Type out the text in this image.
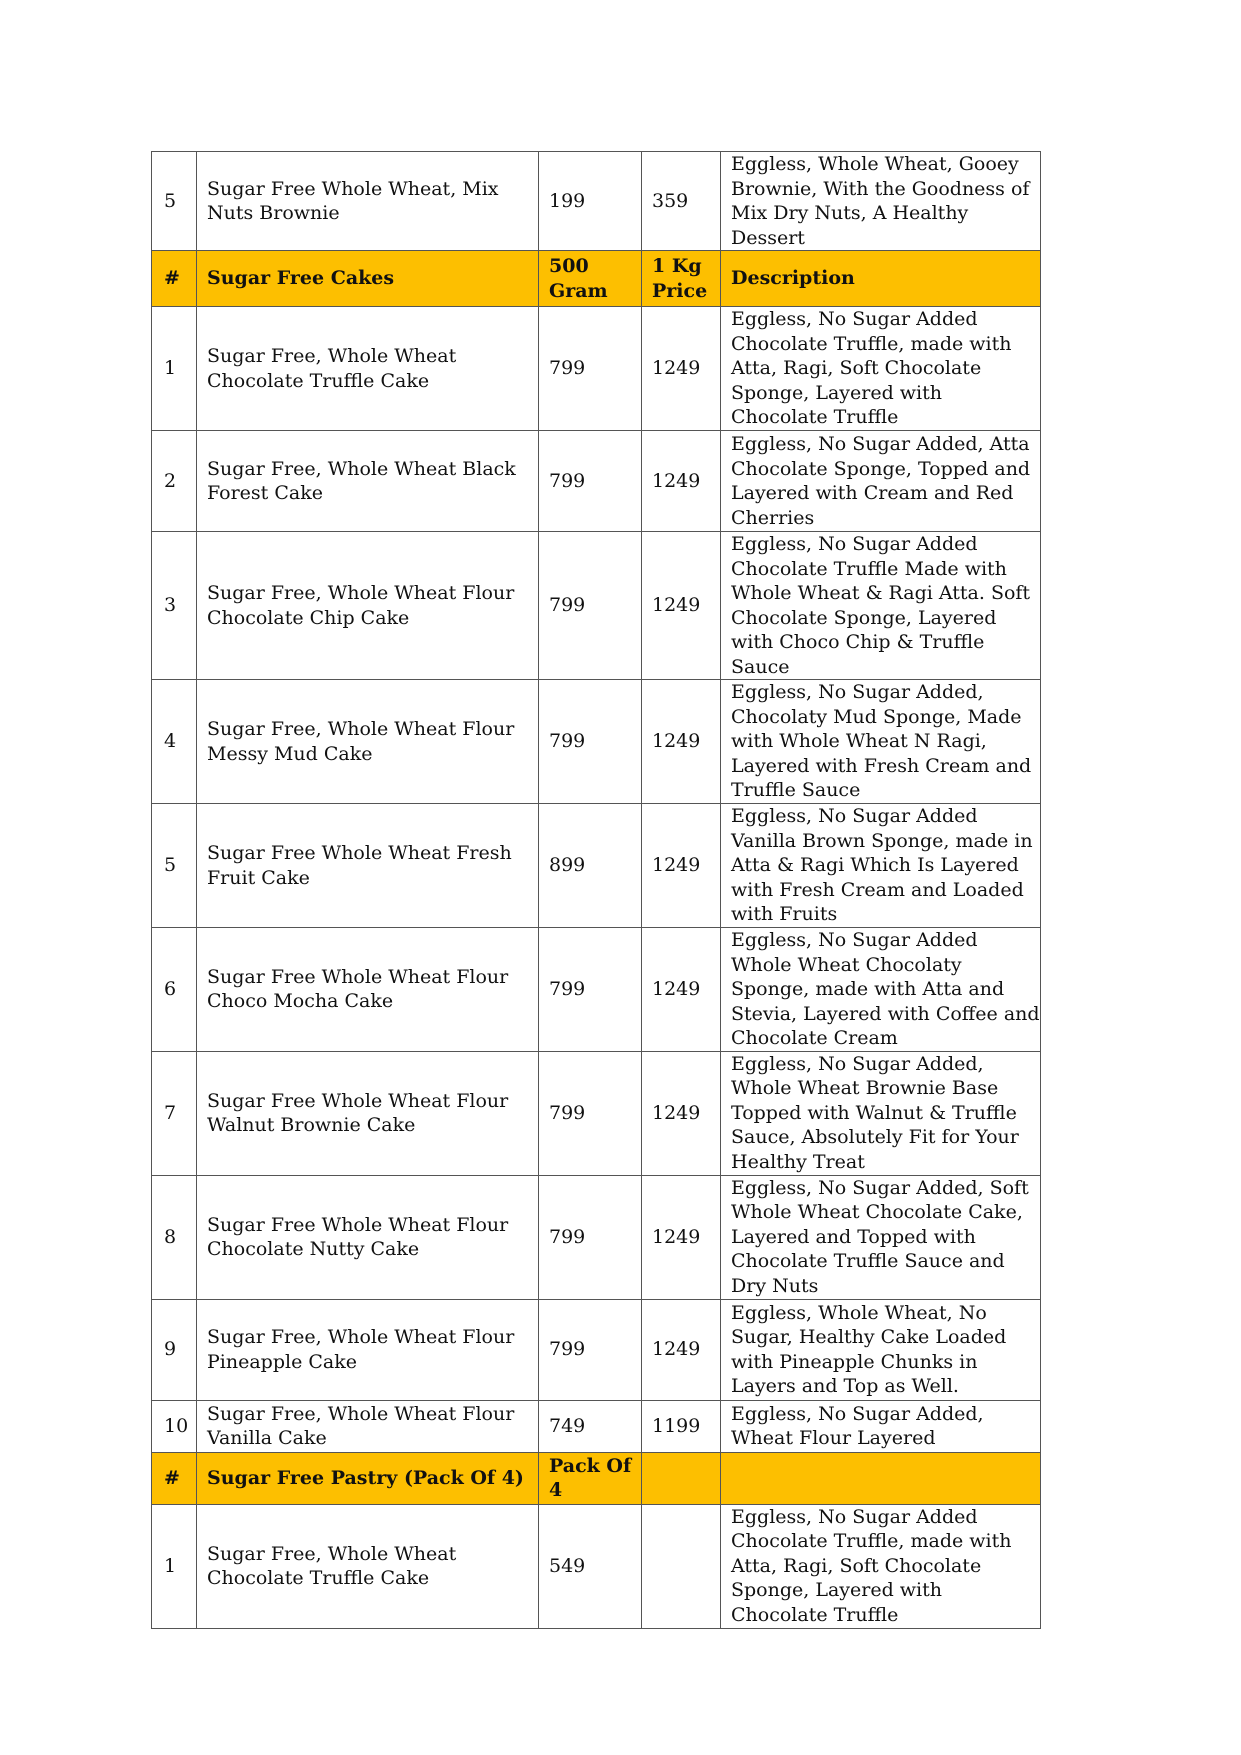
5	Sugar Free Whole Wheat, Mix Nuts Brownie	199	359	Eggless, Whole Wheat, Gooey Brownie, With the Goodness of Mix Dry Nuts, A Healthy Dessert
#	Sugar Free Cakes	500 Gram	1 Kg Price	Description
1	Sugar Free, Whole Wheat Chocolate Truffle Cake	799	1249	Eggless, No Sugar Added Chocolate Truffle, made with Atta, Ragi, Soft Chocolate Sponge, Layered with Chocolate Truffle
2	Sugar Free, Whole Wheat Black Forest Cake	799	1249	Eggless, No Sugar Added, Atta Chocolate Sponge, Topped and Layered with Cream and Red Cherries
3	Sugar Free, Whole Wheat Flour Chocolate Chip Cake	799	1249	Eggless, No Sugar Added Chocolate Truffle Made with Whole Wheat & Ragi Atta. Soft Chocolate Sponge, Layered with Choco Chip & Truffle Sauce
4	Sugar Free, Whole Wheat Flour Messy Mud Cake	799	1249	Eggless, No Sugar Added, Chocolaty Mud Sponge, Made with Whole Wheat N Ragi, Layered with Fresh Cream and Truffle Sauce
5	Sugar Free Whole Wheat Fresh Fruit Cake	899	1249	Eggless, No Sugar Added Vanilla Brown Sponge, made in Atta & Ragi Which Is Layered with Fresh Cream and Loaded with Fruits
6	Sugar Free Whole Wheat Flour Choco Mocha Cake	799	1249	Eggless, No Sugar Added Whole Wheat Chocolaty Sponge, made with Atta and Stevia, Layered with Coffee and Chocolate Cream
7	Sugar Free Whole Wheat Flour Walnut Brownie Cake	799	1249	Eggless, No Sugar Added, Whole Wheat Brownie Base Topped with Walnut & Truffle Sauce, Absolutely Fit for Your Healthy Treat
8	Sugar Free Whole Wheat Flour Chocolate Nutty Cake	799	1249	Eggless, No Sugar Added, Soft Whole Wheat Chocolate Cake, Layered and Topped with Chocolate Truffle Sauce and Dry Nuts
9	Sugar Free, Whole Wheat Flour Pineapple Cake	799	1249	Eggless, Whole Wheat, No Sugar, Healthy Cake Loaded with Pineapple Chunks in Layers and Top as Well.
10	Sugar Free, Whole Wheat Flour Vanilla Cake	749	1199	Eggless, No Sugar Added, Wheat Flour Layered
#	Sugar Free Pastry (Pack Of 4)	Pack Of 4		
1	Sugar Free, Whole Wheat Chocolate Truffle Cake	549		Eggless, No Sugar Added Chocolate Truffle, made with Atta, Ragi, Soft Chocolate Sponge, Layered with Chocolate Truffle
